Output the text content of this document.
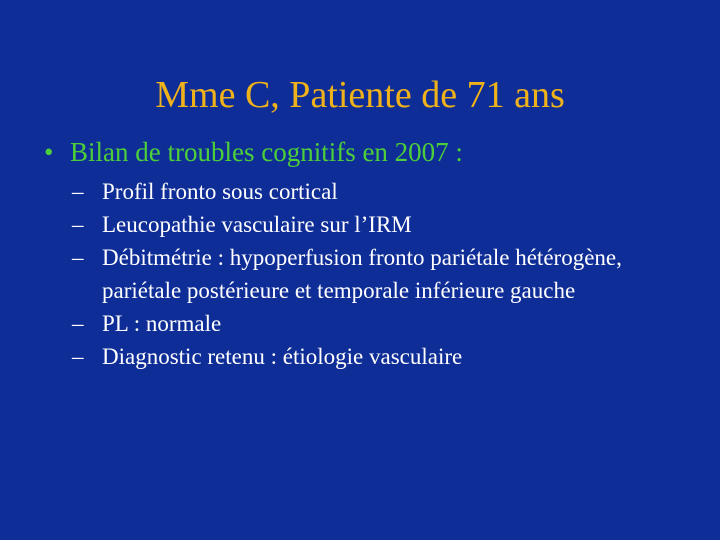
Mme C, Patiente de 71 ans
• Bilan de troubles cognitifs en 2007 :
– Profil fronto sous cortical
– Leucopathie vasculaire sur l’IRM
– Débitmétrie : hypoperfusion fronto pariétale hétérogène, pariétale postérieure et temporale inférieure gauche
– PL : normale
– Diagnostic retenu : étiologie vasculaire
